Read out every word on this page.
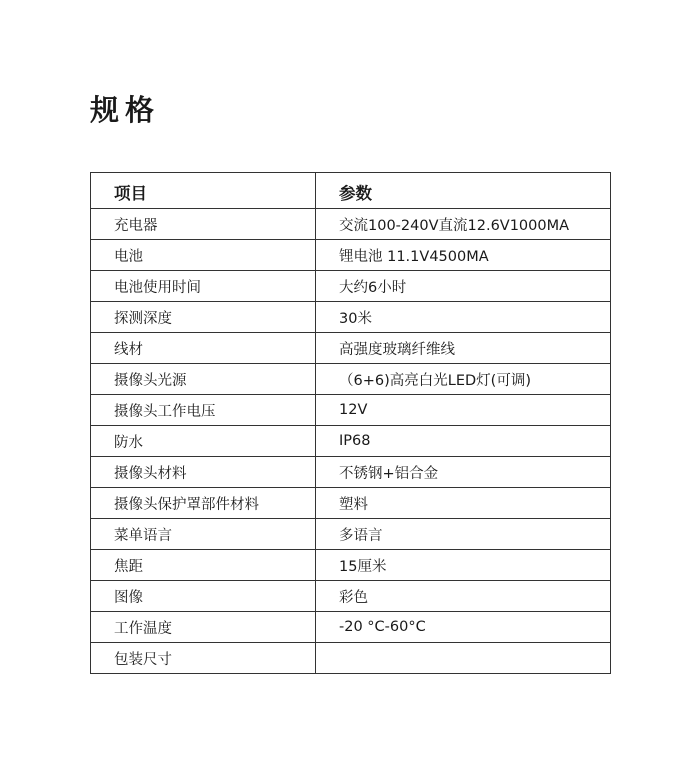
规格
项目	参数
充电器	交流100-240V直流12.6V1000MA
电池	锂电池 11.1V4500MA
电池使用时间	大约6小时
探测深度	30米
线材	高强度玻璃纤维线
摄像头光源	（6+6)高亮白光LED灯(可调)
摄像头工作电压	12V
防水	IP68
摄像头材料	不锈钢+铝合金
摄像头保护罩部件材料	塑料
菜单语言	多语言
焦距	15厘米
图像	彩色
工作温度	-20 °C-60°C
包装尺寸	
